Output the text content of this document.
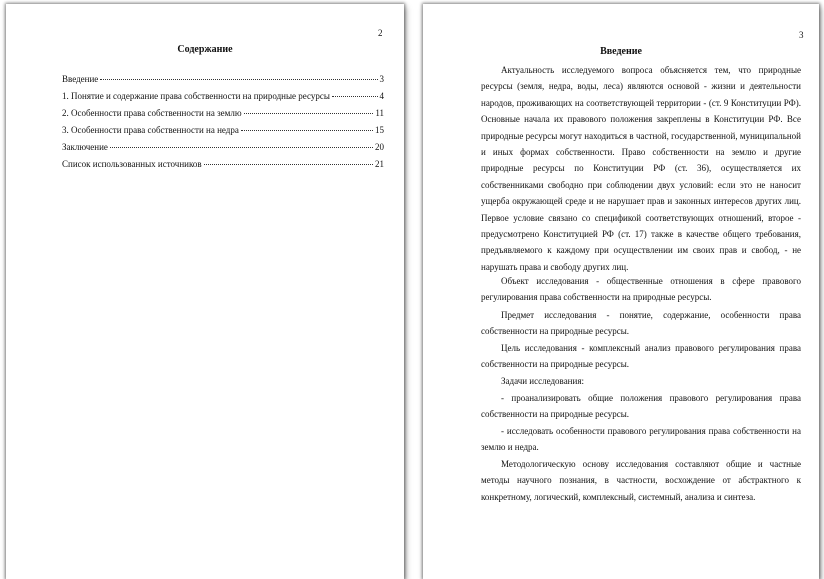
2
Содержание
Введение	3
1. Понятие и содержание права собственности на природные ресурсы	4
2. Особенности права собственности на землю	11
3. Особенности права собственности на недра	15
Заключение	20
Список использованных источников	21
3
Введение
Актуальность исследуемого вопроса объясняется тем, что природные ресурсы (земля, недра, воды, леса) являются основой - жизни и деятельности народов, проживающих на соответствующей территории - (ст. 9 Конституции РФ). Основные начала их правового положения закреплены в Конституции РФ. Все природные ресурсы могут находиться в частной, государственной, муниципальной и иных формах собственности. Право собственности на землю и другие природные ресурсы по Конституции РФ (ст. 36), осуществляется их собственниками свободно при соблюдении двух условий: если это не наносит ущерба окружающей среде и не нарушает прав и законных интересов других лиц. Первое условие связано со спецификой соответствующих отношений, второе - предусмотрено Конституцией РФ (ст. 17) также в качестве общего требования, предъявляемого к каждому при осуществлении им своих прав и свобод, - не нарушать права и свободу других лиц.
Объект исследования - общественные отношения в сфере правового регулирования права собственности на природные ресурсы.
Предмет исследования - понятие, содержание, особенности права собственности на природные ресурсы.
Цель исследования - комплексный анализ правового регулирования права собственности на природные ресурсы.
Задачи исследования:
- проанализировать общие положения правового регулирования права собственности на природные ресурсы.
- исследовать особенности правового регулирования права собственности на землю и недра.
Методологическую основу исследования составляют общие и частные методы научного познания, в частности, восхождение от абстрактного к конкретному, логический, комплексный, системный, анализа и синтеза.
